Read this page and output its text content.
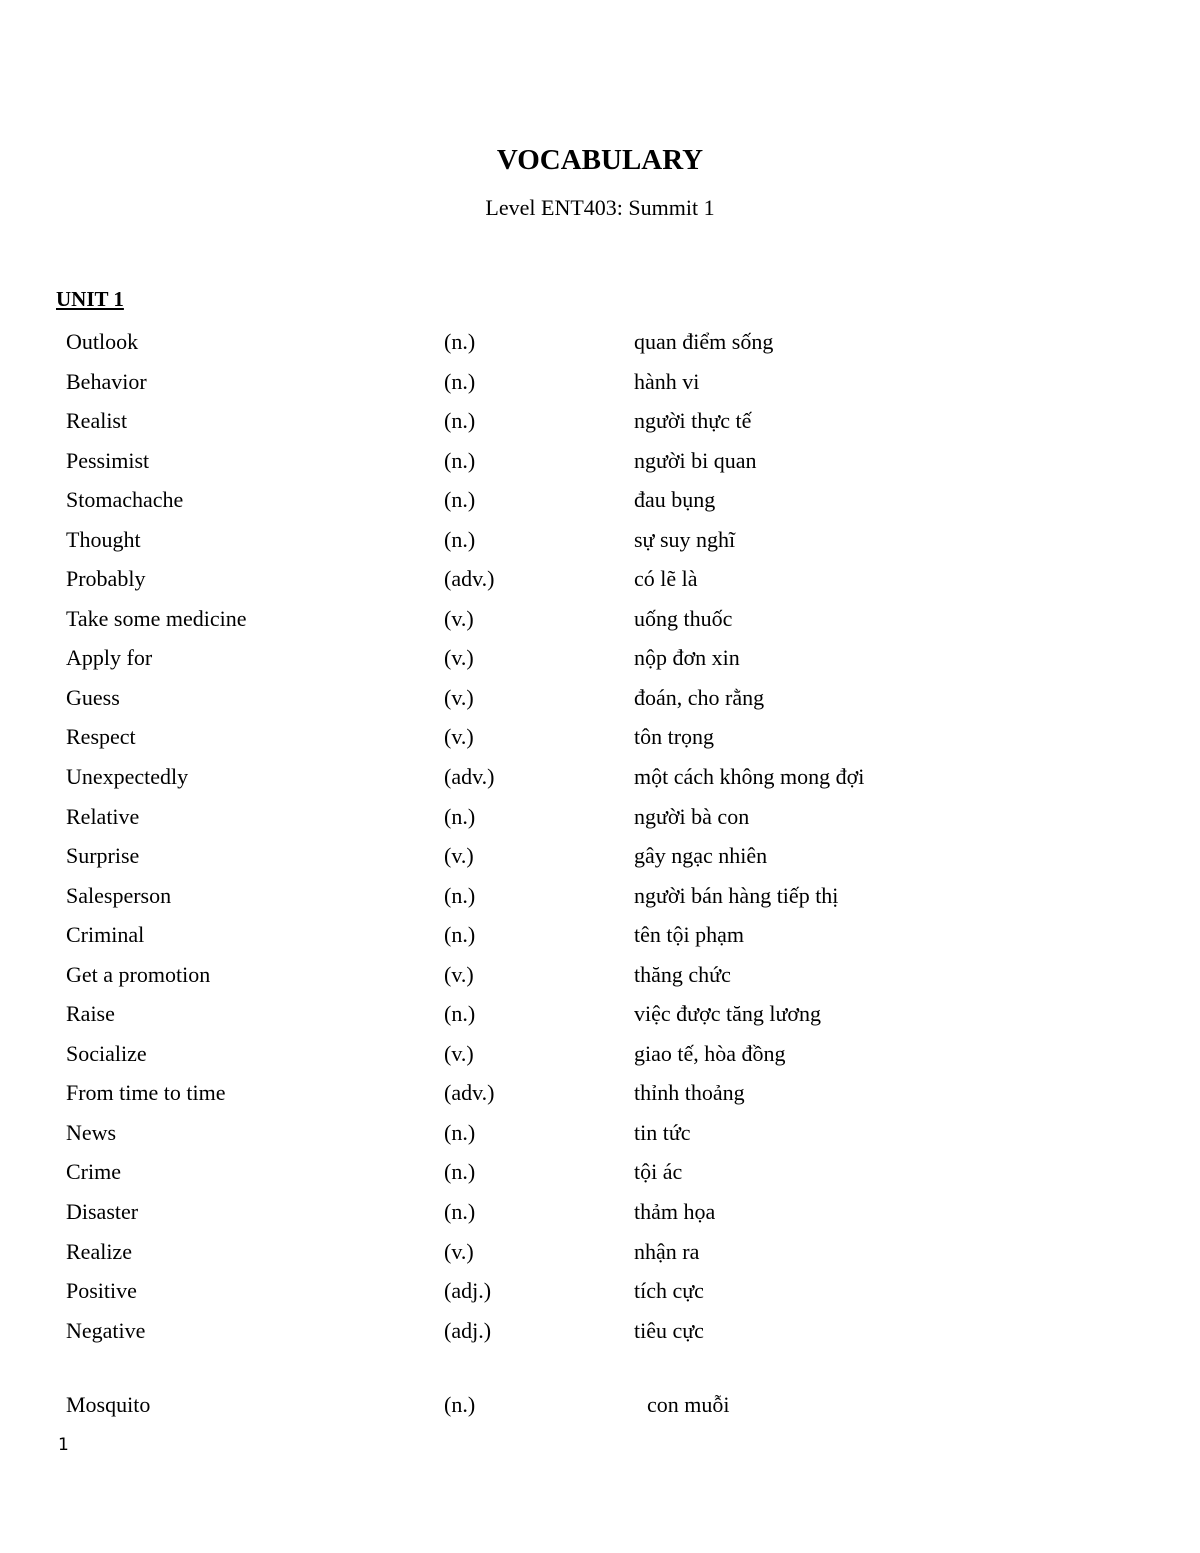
VOCABULARY
Level ENT403: Summit 1
UNIT 1
Outlook	(n.)	quan điểm sống
Behavior	(n.)	hành vi
Realist	(n.)	người thực tế
Pessimist	(n.)	người bi quan
Stomachache	(n.)	đau bụng
Thought	(n.)	sự suy nghĩ
Probably	(adv.)	có lẽ là
Take some medicine	(v.)	uống thuốc
Apply for	(v.)	nộp đơn xin
Guess	(v.)	đoán, cho rằng
Respect	(v.)	tôn trọng
Unexpectedly	(adv.)	một cách không mong đợi
Relative	(n.)	người bà con
Surprise	(v.)	gây ngạc nhiên
Salesperson	(n.)	người bán hàng tiếp thị
Criminal	(n.)	tên tội phạm
Get a promotion	(v.)	thăng chức
Raise	(n.)	việc được tăng lương
Socialize	(v.)	giao tế, hòa đồng
From time to time	(adv.)	thỉnh thoảng
News	(n.)	tin tức
Crime	(n.)	tội ác
Disaster	(n.)	thảm họa
Realize	(v.)	nhận ra
Positive	(adj.)	tích cực
Negative	(adj.)	tiêu cực
Mosquito	(n.)	con muỗi
1
